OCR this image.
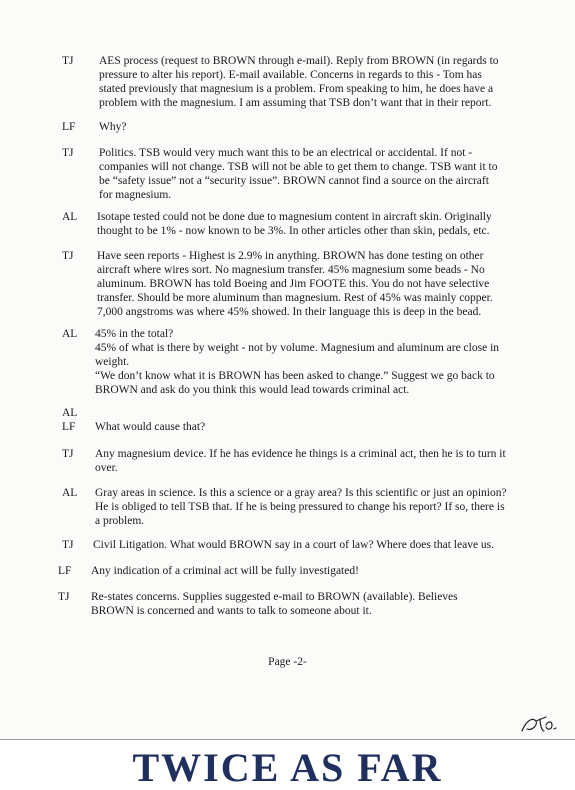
TJ AES process (request to BROWN through e-mail). Reply from BROWN (in regards to pressure to alter his report). E-mail available. Concerns in regards to this - Tom has stated previously that magnesium is a problem. From speaking to him, he does have a problem with the magnesium. I am assuming that TSB don’t want that in their report.

LF Why?

TJ Politics. TSB would very much want this to be an electrical or accidental. If not - companies will not change. TSB will not be able to get them to change. TSB want it to be “safety issue” not a “security issue”. BROWN cannot find a source on the aircraft for magnesium.

AL Isotape tested could not be done due to magnesium content in aircraft skin. Originally thought to be 1% - now known to be 3%. In other articles other than skin, pedals, etc.

TJ Have seen reports - Highest is 2.9% in anything. BROWN has done testing on other aircraft where wires sort. No magnesium transfer. 45% magnesium some beads - No aluminum. BROWN has told Boeing and Jim FOOTE this. You do not have selective transfer. Should be more aluminum than magnesium. Rest of 45% was mainly copper. 7,000 angstroms was where 45% showed. In their language this is deep in the bead.

AL 45% in the total?

45% of what is there by weight - not by volume. Magnesium and aluminum are close in weight.

“We don’t know what it is BROWN has been asked to change.” Suggest we go back to BROWN and ask do you think this would lead towards criminal act.

AL
LF What would cause that?

TJ Any magnesium device. If he has evidence he things is a criminal act, then he is to turn it over.

AL Gray areas in science. Is this a science or a gray area? Is this scientific or just an opinion? He is obliged to tell TSB that. If he is being pressured to change his report? If so, there is a problem.

TJ Civil Litigation. What would BROWN say in a court of law? Where does that leave us.

LF Any indication of a criminal act will be fully investigated!

TJ Re-states concerns. Supplies suggested e-mail to BROWN (available). Believes BROWN is concerned and wants to talk to someone about it.

Page -2-
TWICE AS FAR
